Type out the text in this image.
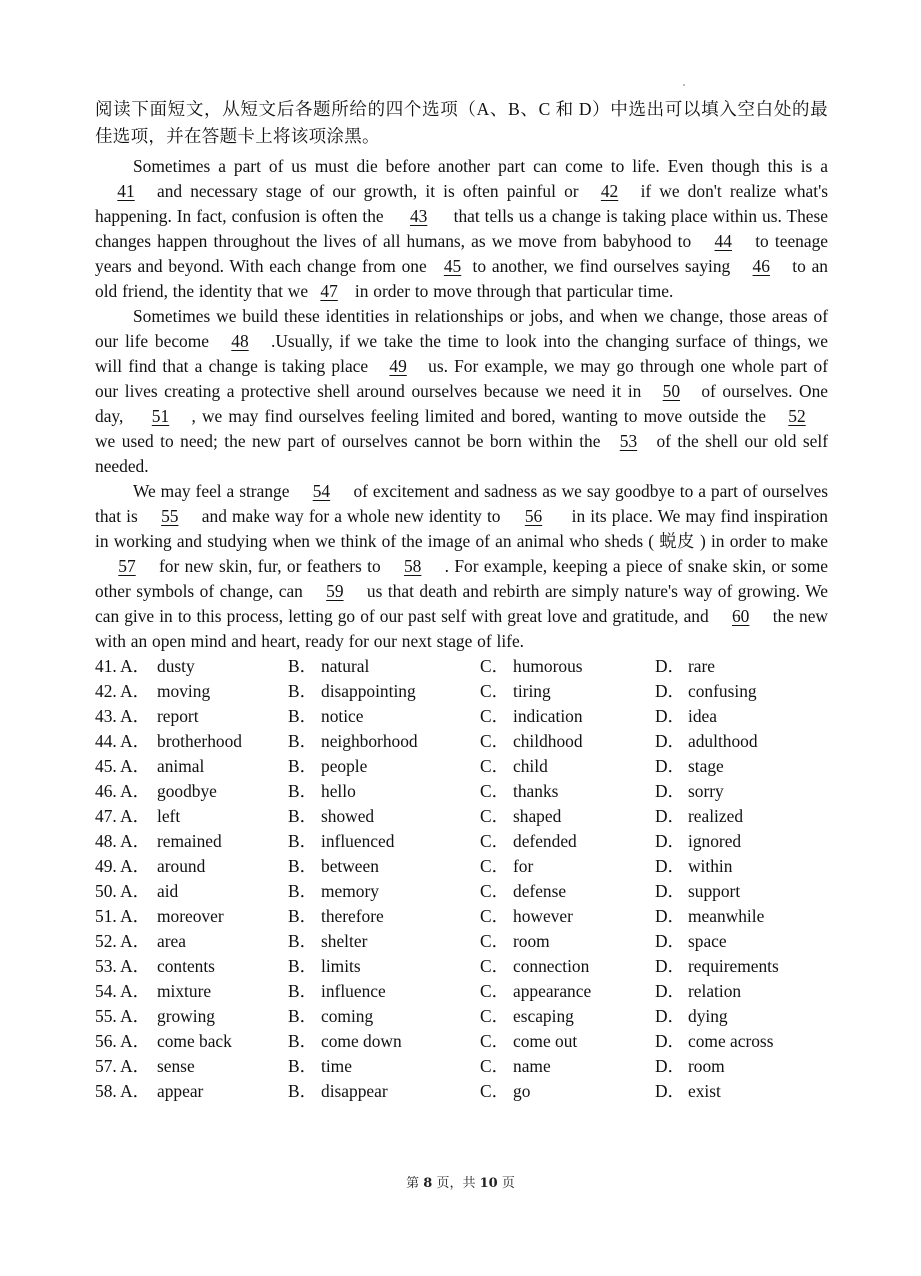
阅读下面短文，从短文后各题所给的四个选项（A、B、C 和 D）中选出可以填入空白处的最佳选项，并在答题卡上将该项涂黑。

Sometimes a part of us must die before another part can come to life. Even though this is a41 and necessary stage of our growth, it is often painful or 42 if we don't realize what's happening. In fact, confusion is often the 43 that tells us a change is taking place within us. These changes happen throughout the lives of all humans, as we move from babyhood to 44 to teenage years and beyond. With each change from one 45 to another, we find ourselves saying 46 to an old friend, the identity that we 47 in order to move through that particular time.

Sometimes we build these identities in relationships or jobs, and when we change, those areas of our life become 48 .Usually, if we take the time to look into the changing surface of things, we will find that a change is taking place 49 us. For example, we may go through one whole part of our lives creating a protective shell around ourselves because we need it in 50 of ourselves. One day, 51 , we may find ourselves feeling limited and bored, wanting to move outside the 52 we used to need; the new part of ourselves cannot be born within the 53 of the shell our old self needed.

We may feel a strange 54 of excitement and sadness as we say goodbye to a part of ourselves that is 55 and make way for a whole new identity to 56 in its place. We may find inspiration in working and studying when we think of the image of an animal who sheds ( 蜕皮 ) in order to make57 for new skin, fur, or feathers to 58 . For example, keeping a piece of snake skin, or some other symbols of change, can 59 us that death and rebirth are simply nature's way of growing. We can give in to this process, letting go of our past self with great love and gratitude, and 60 the new with an open mind and heart, ready for our next stage of life.

41. A． dusty	B． natural	C． humorous	D． rare
42. A． moving	B． disappointing	C． tiring	D． confusing
43. A． report	B． notice	C． indication	D． idea
44. A． brotherhood	B． neighborhood	C． childhood	D． adulthood
45. A． animal	B． people	C． child	D． stage
46. A． goodbye	B． hello	C． thanks	D． sorry
47. A． left	B． showed	C． shaped	D． realized
48. A． remained	B． influenced	C． defended	D． ignored
49. A． around	B． between	C． for	D． within
50. A． aid	B． memory	C． defense	D． support
51. A． moreover	B． therefore	C． however	D． meanwhile
52. A． area	B． shelter	C． room	D． space
53. A． contents	B． limits	C． connection	D． requirements
54. A． mixture	B． influence	C． appearance	D． relation
55. A． growing	B． coming	C． escaping	D． dying
56. A． come back	B． come down	C． come out	D． come across
57. A． sense	B． time	C． name	D． room
58. A． appear	B． disappear	C． go	D． exist
第 8 页，共 10 页
